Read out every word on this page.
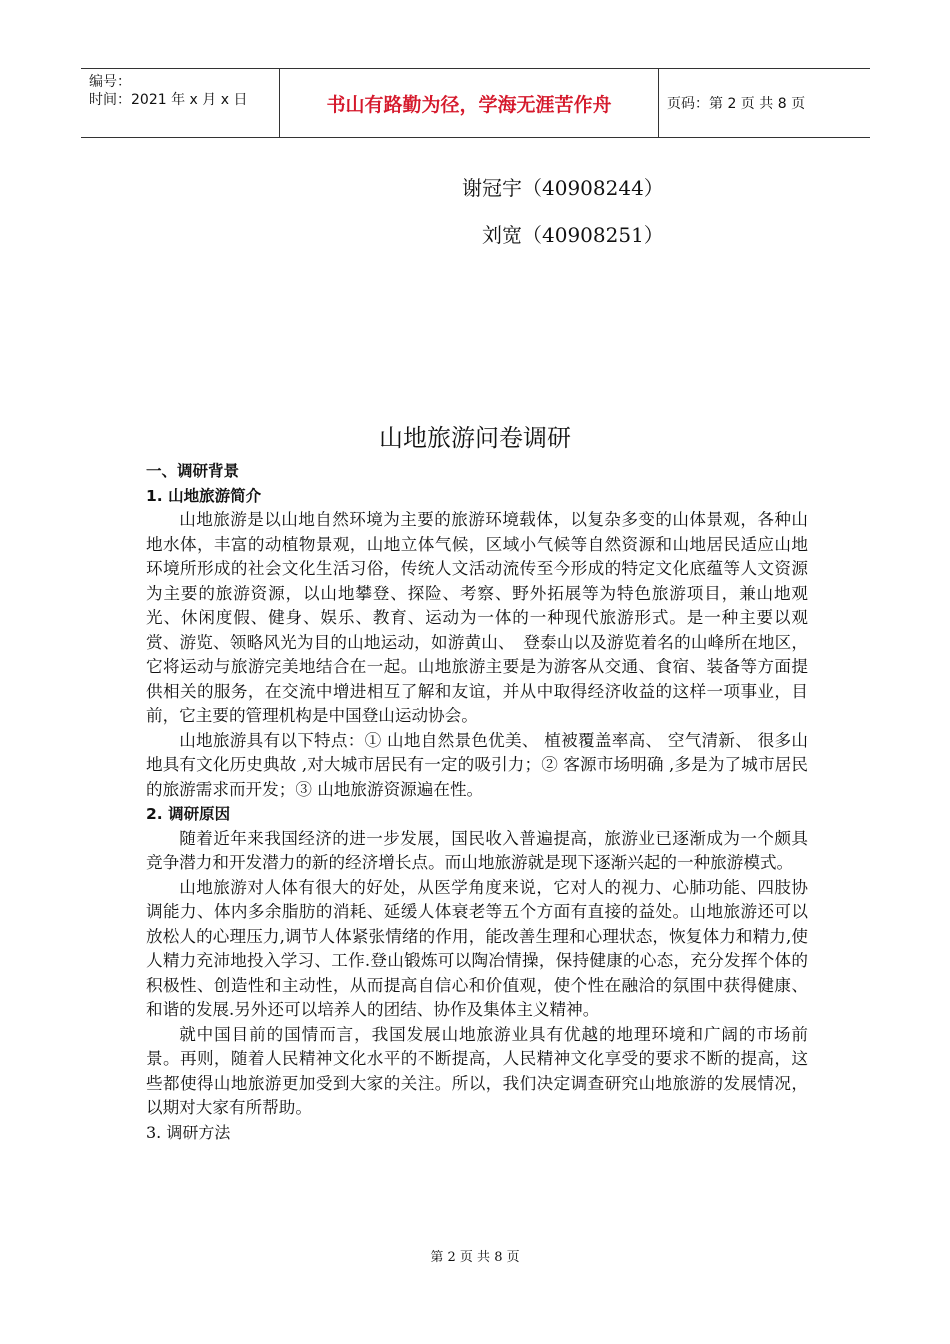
编号：
时间：2021 年 x 月 x 日	书山有路勤为径，学海无涯苦作舟	页码：第 2 页 共 8 页
谢冠宇（40908244）
刘宽（40908251）
山地旅游问卷调研

一、调研背景

1. 山地旅游简介

山地旅游是以山地自然环境为主要的旅游环境载体，以复杂多变的山体景观，各种山地水体，丰富的动植物景观，山地立体气候，区域小气候等自然资源和山地居民适应山地环境所形成的社会文化生活习俗，传统人文活动流传至今形成的特定文化底蕴等人文资源为主要的旅游资源，以山地攀登、探险、考察、野外拓展等为特色旅游项目，兼山地观光、休闲度假、健身、娱乐、教育、运动为一体的一种现代旅游形式。是一种主要以观赏、游览、领略风光为目的山地运动，如游黄山、　登泰山以及游览着名的山峰所在地区，它将运动与旅游完美地结合在一起。山地旅游主要是为游客从交通、食宿、装备等方面提供相关的服务，在交流中增进相互了解和友谊，并从中取得经济收益的这样一项事业，目前，它主要的管理机构是中国登山运动协会。

山地旅游具有以下特点：① 山地自然景色优美、 植被覆盖率高、 空气清新、 很多山地具有文化历史典故 ,对大城市居民有一定的吸引力；② 客源市场明确 ,多是为了城市居民的旅游需求而开发；③ 山地旅游资源遍在性。

2. 调研原因

随着近年来我国经济的进一步发展，国民收入普遍提高，旅游业已逐渐成为一个颇具竞争潜力和开发潜力的新的经济增长点。而山地旅游就是现下逐渐兴起的一种旅游模式。

山地旅游对人体有很大的好处，从医学角度来说，它对人的视力、心肺功能、四肢协调能力、体内多余脂肪的消耗、延缓人体衰老等五个方面有直接的益处。山地旅游还可以放松人的心理压力,调节人体紧张情绪的作用，能改善生理和心理状态，恢复体力和精力,使人精力充沛地投入学习、工作.登山锻炼可以陶冶情操，保持健康的心态，充分发挥个体的积极性、创造性和主动性，从而提高自信心和价值观，使个性在融洽的氛围中获得健康、和谐的发展.另外还可以培养人的团结、协作及集体主义精神。

就中国目前的国情而言，我国发展山地旅游业具有优越的地理环境和广阔的市场前景。再则，随着人民精神文化水平的不断提高，人民精神文化享受的要求不断的提高，这些都使得山地旅游更加受到大家的关注。所以，我们决定调查研究山地旅游的发展情况，以期对大家有所帮助。

3. 调研方法

第 2 页 共 8 页
